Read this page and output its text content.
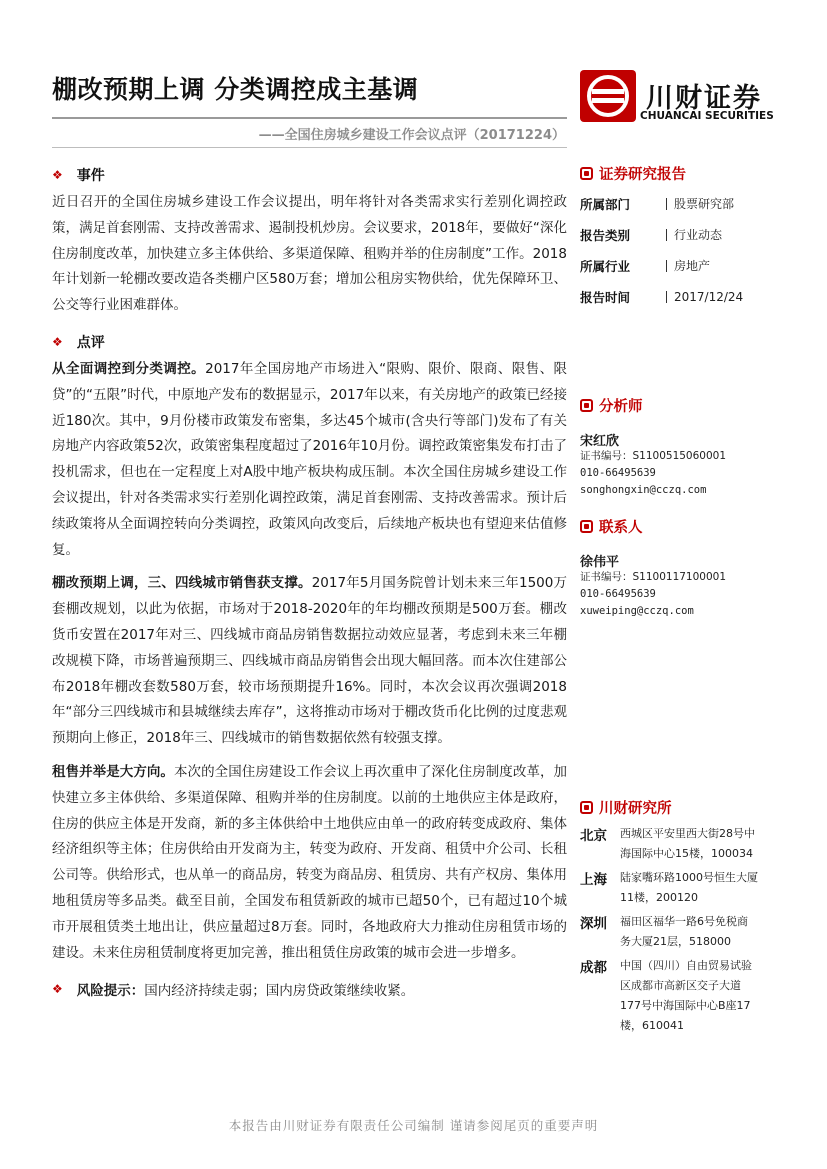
棚改预期上调 分类调控成主基调
——全国住房城乡建设工作会议点评（20171224）
川财证券
CHUANCAI SECURITIES
❖ 事件

近日召开的全国住房城乡建设工作会议提出，明年将针对各类需求实行差别化调控政策，满足首套刚需、支持改善需求、遏制投机炒房。会议要求，2018年，要做好“深化住房制度改革，加快建立多主体供给、多渠道保障、租购并举的住房制度”工作。2018年计划新一轮棚改要改造各类棚户区580万套；增加公租房实物供给，优先保障环卫、公交等行业困难群体。

❖ 点评

从全面调控到分类调控。2017年全国房地产市场进入“限购、限价、限商、限售、限贷”的“五限”时代，中原地产发布的数据显示，2017年以来，有关房地产的政策已经接近180次。其中，9月份楼市政策发布密集，多达45个城市(含央行等部门)发布了有关房地产内容政策52次，政策密集程度超过了2016年10月份。调控政策密集发布打击了投机需求，但也在一定程度上对A股中地产板块构成压制。本次全国住房城乡建设工作会议提出，针对各类需求实行差别化调控政策，满足首套刚需、支持改善需求。预计后续政策将从全面调控转向分类调控，政策风向改变后，后续地产板块也有望迎来估值修复。

棚改预期上调，三、四线城市销售获支撑。2017年5月国务院曾计划未来三年1500万套棚改规划，以此为依据，市场对于2018-2020年的年均棚改预期是500万套。棚改货币安置在2017年对三、四线城市商品房销售数据拉动效应显著，考虑到未来三年棚改规模下降，市场普遍预期三、四线城市商品房销售会出现大幅回落。而本次住建部公布2018年棚改套数580万套，较市场预期提升16%。同时，本次会议再次强调2018年“部分三四线城市和县城继续去库存”，这将推动市场对于棚改货币化比例的过度悲观预期向上修正，2018年三、四线城市的销售数据依然有较强支撑。

租售并举是大方向。本次的全国住房建设工作会议上再次重申了深化住房制度改革，加快建立多主体供给、多渠道保障、租购并举的住房制度。以前的土地供应主体是政府，住房的供应主体是开发商，新的多主体供给中土地供应由单一的政府转变成政府、集体经济组织等主体；住房供给由开发商为主，转变为政府、开发商、租赁中介公司、长租公司等。供给形式，也从单一的商品房，转变为商品房、租赁房、共有产权房、集体用地租赁房等多品类。截至目前，全国发布租赁新政的城市已超50个，已有超过10个城市开展租赁类土地出让，供应量超过8万套。同时，各地政府大力推动住房租赁市场的建设。未来住房租赁制度将更加完善，推出租赁住房政策的城市会进一步增多。

❖ 风险提示： 国内经济持续走弱；国内房贷政策继续收紧。
证券研究报告
所属部门	股票研究部
报告类别	行业动态
所属行业	房地产
报告时间	2017/12/24
分析师
宋红欣
证书编号：S1100515060001
010-66495639
songhongxin@cczq.com
联系人
徐伟平
证书编号：S1100117100001
010-66495639
xuweiping@cczq.com
川财研究所
北京	西城区平安里西大街28号中
海国际中心15楼，100034
上海	陆家嘴环路1000号恒生大厦
11楼，200120
深圳	福田区福华一路6号免税商
务大厦21层，518000
成都	中国（四川）自由贸易试验
区成都市高新区交子大道
177号中海国际中心B座17
楼，610041
本报告由川财证券有限责任公司编制 谨请参阅尾页的重要声明
